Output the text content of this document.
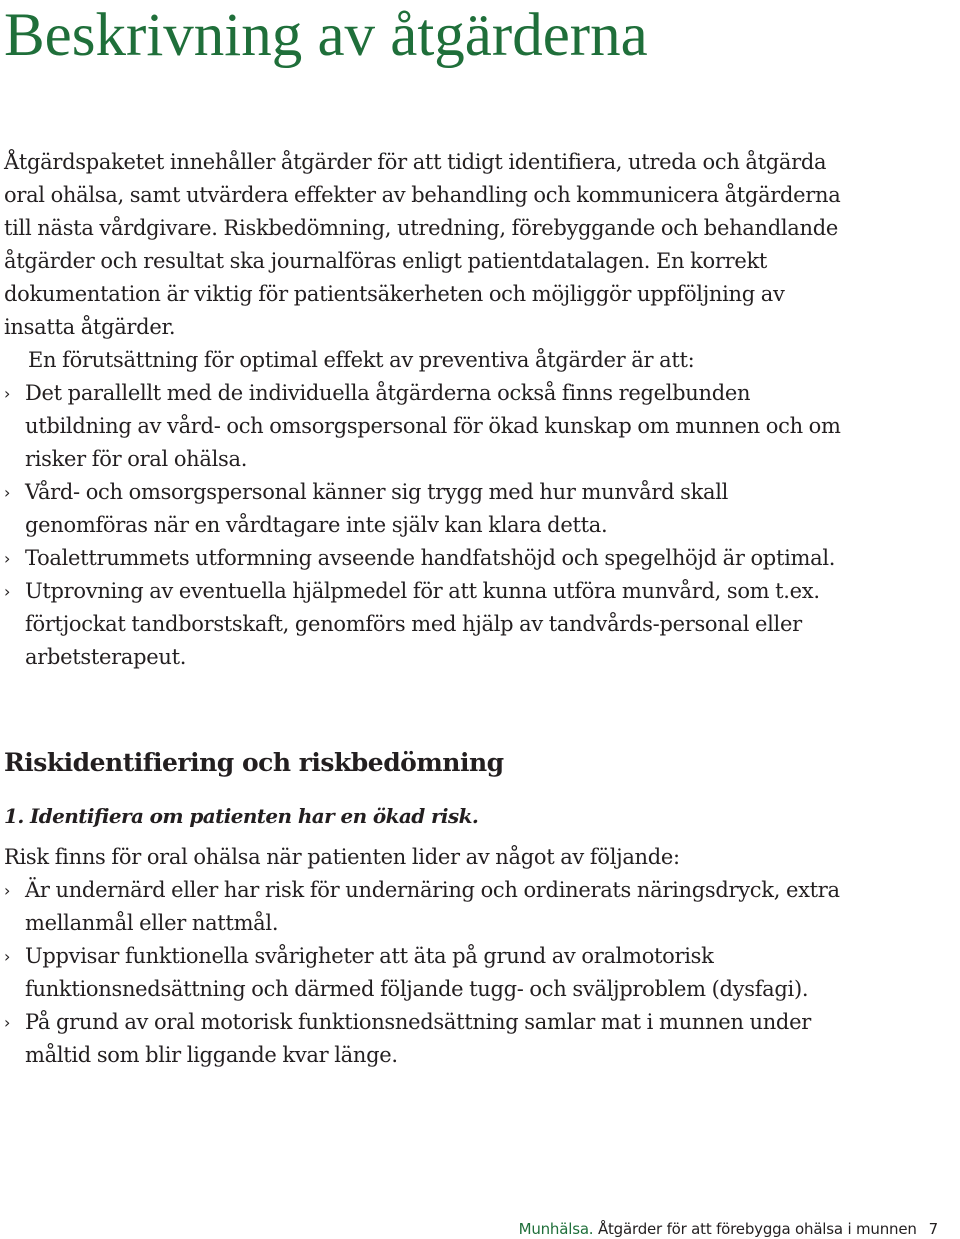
Beskrivning av åtgärderna

Åtgärdspaketet innehåller åtgärder för att tidigt identifiera, utreda och åtgärda oral ohälsa, samt utvärdera effekter av behandling och kommunicera åtgärderna till nästa vårdgivare. Riskbedömning, utredning, förebyggande och behandlande åtgärder och resultat ska journalföras enligt patientdatalagen. En korrekt dokumentation är viktig för patientsäkerheten och möjliggör uppföljning av insatta åtgärder.

En förutsättning för optimal effekt av preventiva åtgärder är att:

› Det parallellt med de individuella åtgärderna också finns regelbunden utbildning av vård- och omsorgspersonal för ökad kunskap om munnen och om risker för oral ohälsa.
› Vård- och omsorgspersonal känner sig trygg med hur munvård skall genomföras när en vårdtagare inte själv kan klara detta.
› Toalettrummets utformning avseende handfatshöjd och spegelhöjd är optimal.
› Utprovning av eventuella hjälpmedel för att kunna utföra munvård, som t.ex. förtjockat tandborstskaft, genomförs med hjälp av tandvårds-personal eller arbetsterapeut.
Riskidentifiering och riskbedömning
1. Identifiera om patienten har en ökad risk.

Risk finns för oral ohälsa när patienten lider av något av följande:

› Är undernärd eller har risk för undernäring och ordinerats näringsdryck, extra mellanmål eller nattmål.
› Uppvisar funktionella svårigheter att äta på grund av oralmotorisk funktionsnedsättning och därmed följande tugg- och sväljproblem (dysfagi).
› På grund av oral motorisk funktionsnedsättning samlar mat i munnen under måltid som blir liggande kvar länge.
Munhälsa. Åtgärder för att förebygga ohälsa i munnen 7
